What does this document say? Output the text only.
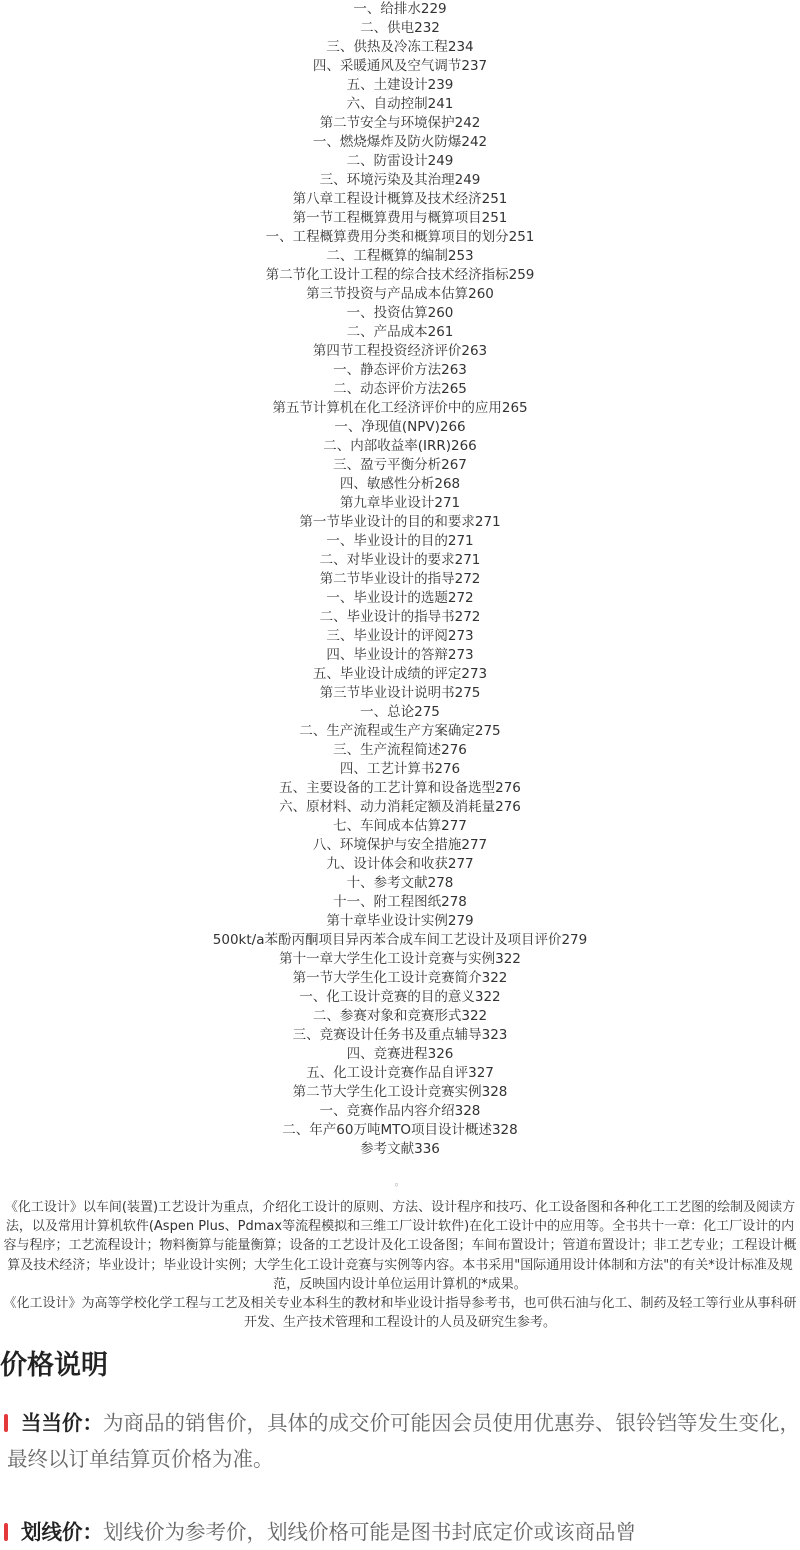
一、给排水229
二、供电232
三、供热及冷冻工程234
四、采暖通风及空气调节237
五、土建设计239
六、自动控制241
第二节安全与环境保护242
一、燃烧爆炸及防火防爆242
二、防雷设计249
三、环境污染及其治理249
第八章工程设计概算及技术经济251
第一节工程概算费用与概算项目251
一、工程概算费用分类和概算项目的划分251
二、工程概算的编制253
第二节化工设计工程的综合技术经济指标259
第三节投资与产品成本估算260
一、投资估算260
二、产品成本261
第四节工程投资经济评价263
一、静态评价方法263
二、动态评价方法265
第五节计算机在化工经济评价中的应用265
一、净现值(NPV)266
二、内部收益率(IRR)266
三、盈亏平衡分析267
四、敏感性分析268
第九章毕业设计271
第一节毕业设计的目的和要求271
一、毕业设计的目的271
二、对毕业设计的要求271
第二节毕业设计的指导272
一、毕业设计的选题272
二、毕业设计的指导书272
三、毕业设计的评阅273
四、毕业设计的答辩273
五、毕业设计成绩的评定273
第三节毕业设计说明书275
一、总论275
二、生产流程或生产方案确定275
三、生产流程简述276
四、工艺计算书276
五、主要设备的工艺计算和设备选型276
六、原材料、动力消耗定额及消耗量276
七、车间成本估算277
八、环境保护与安全措施277
九、设计体会和收获277
十、参考文献278
十一、附工程图纸278
第十章毕业设计实例279
500kt/a苯酚丙酮项目异丙苯合成车间工艺设计及项目评价279
第十一章大学生化工设计竞赛与实例322
第一节大学生化工设计竞赛简介322
一、化工设计竞赛的目的意义322
二、参赛对象和竞赛形式322
三、竞赛设计任务书及重点辅导323
四、竞赛进程326
五、化工设计竞赛作品自评327
第二节大学生化工设计竞赛实例328
一、竞赛作品内容介绍328
二、年产60万吨MTO项目设计概述328
参考文献336
。

《化工设计》以车间(装置)工艺设计为重点，介绍化工设计的原则、方法、设计程序和技巧、化工设备图和各种化工工艺图的绘制及阅读方法，以及常用计算机软件(Aspen Plus、Pdmax等流程模拟和三维工厂设计软件)在化工设计中的应用等。全书共十一章：化工厂设计的内容与程序；工艺流程设计；物料衡算与能量衡算；设备的工艺设计及化工设备图；车间布置设计；管道布置设计；非工艺专业；工程设计概算及技术经济；毕业设计；毕业设计实例；大学生化工设计竞赛与实例等内容。本书采用"国际通用设计体制和方法"的有关*设计标准及规范，反映国内设计单位运用计算机的*成果。

《化工设计》为高等学校化学工程与工艺及相关专业本科生的教材和毕业设计指导参考书，也可供石油与化工、制药及轻工等行业从事科研开发、生产技术管理和工程设计的人员及研究生参考。

价格说明
当当价：为商品的销售价，具体的成交价可能因会员使用优惠券、银铃铛等发生变化，最终以订单结算页价格为准。
划线价：划线价为参考价，划线价格可能是图书封底定价或该商品曾
